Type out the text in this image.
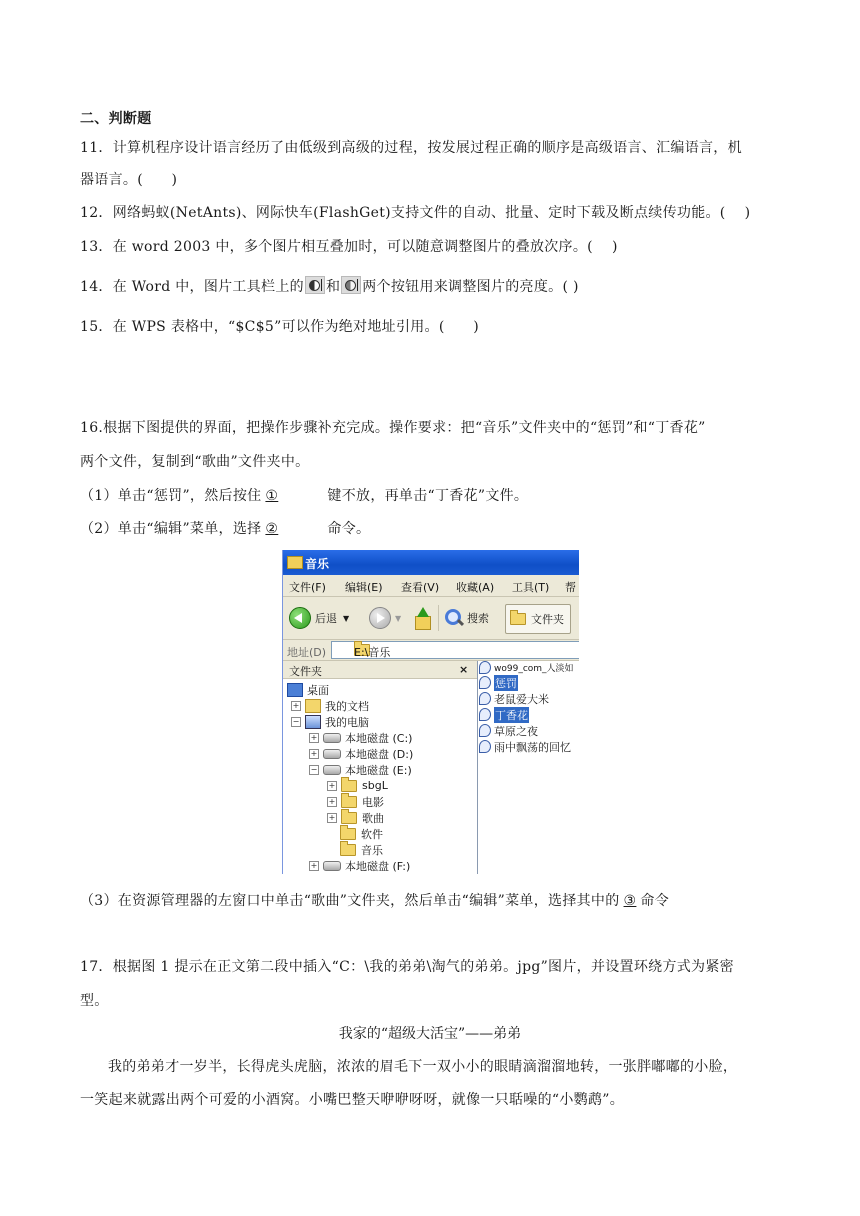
二、判断题
11．计算机程序设计语言经历了由低级到高级的过程，按发展过程正确的顺序是高级语言、汇编语言，机
器语言。(　　)
12．网络蚂蚁(NetAnts)、网际快车(FlashGet)支持文件的自动、批量、定时下载及断点续传功能。(　 )
13．在 word 2003 中，多个图片相互叠加时，可以随意调整图片的叠放次序。(　 )
14．在 Word 中，图片工具栏上的 和 两个按钮用来调整图片的亮度。( )
15．在 WPS 表格中，“$C$5”可以作为绝对地址引用。(　　)
16.根据下图提供的界面，把操作步骤补充完成。操作要求：把“音乐”文件夹中的“惩罚”和“丁香花”
两个文件，复制到“歌曲”文件夹中。
（1）单击“惩罚”，然后按住 ①	键不放，再单击“丁香花”文件。
（2）单击“编辑”菜单，选择 ②	命令。
音乐
文件(F) 编辑(E) 查看(V) 收藏(A) 工具(T) 帮
后退 ▼	▼	搜索	文件夹
地址(D)	E:\音乐
文件夹	×
桌面
+ 我的文档
− 我的电脑
+	本地磁盘 (C:)
+	本地磁盘 (D:)
−	本地磁盘 (E:)
+ sbgL
+ 电影
+ 歌曲
软件
音乐
+	本地磁盘 (F:)
wo99_com_人淡如
惩罚
老鼠爱大米
丁香花
草原之夜
雨中飘荡的回忆
（3）在资源管理器的左窗口中单击“歌曲”文件夹，然后单击“编辑”菜单，选择其中的 ③ 命令
17．根据图 1 提示在正文第二段中插入“C：\我的弟弟\淘气的弟弟。jpg”图片，并设置环绕方式为紧密
型。
我家的“超级大活宝”——弟弟
我的弟弟才一岁半，长得虎头虎脑，浓浓的眉毛下一双小小的眼睛滴溜溜地转，一张胖嘟嘟的小脸，
一笑起来就露出两个可爱的小酒窝。小嘴巴整天咿咿呀呀，就像一只聒噪的“小鹦鹉”。
